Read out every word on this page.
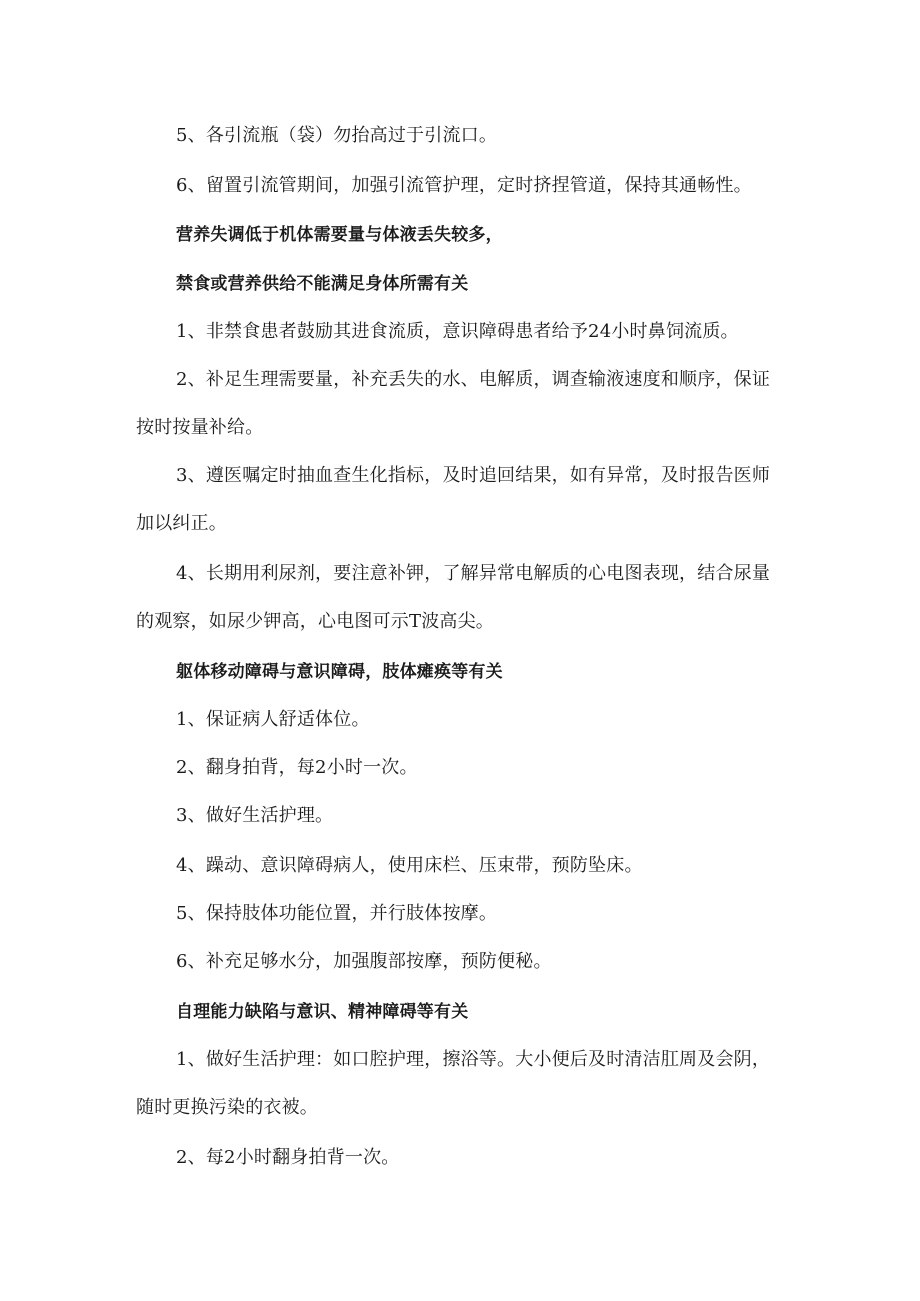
5、各引流瓶（袋）勿抬高过于引流口。
6、留置引流管期间，加强引流管护理，定时挤捏管道，保持其通畅性。
营养失调低于机体需要量与体液丢失较多，
禁食或营养供给不能满足身体所需有关
1、非禁食患者鼓励其进食流质，意识障碍患者给予24小时鼻饲流质。
2、补足生理需要量，补充丢失的水、电解质，调查输液速度和顺序，保证
按时按量补给。
3、遵医嘱定时抽血查生化指标，及时追回结果，如有异常，及时报告医师
加以纠正。
4、长期用利尿剂，要注意补钾，了解异常电解质的心电图表现，结合尿量
的观察，如尿少钾高，心电图可示T波高尖。
躯体移动障碍与意识障碍，肢体瘫痪等有关
1、保证病人舒适体位。
2、翻身拍背，每2小时一次。
3、做好生活护理。
4、躁动、意识障碍病人，使用床栏、压束带，预防坠床。
5、保持肢体功能位置，并行肢体按摩。
6、补充足够水分，加强腹部按摩，预防便秘。
自理能力缺陷与意识、精神障碍等有关
1、做好生活护理：如口腔护理，擦浴等。大小便后及时清洁肛周及会阴，
随时更换污染的衣被。
2、每2小时翻身拍背一次。
